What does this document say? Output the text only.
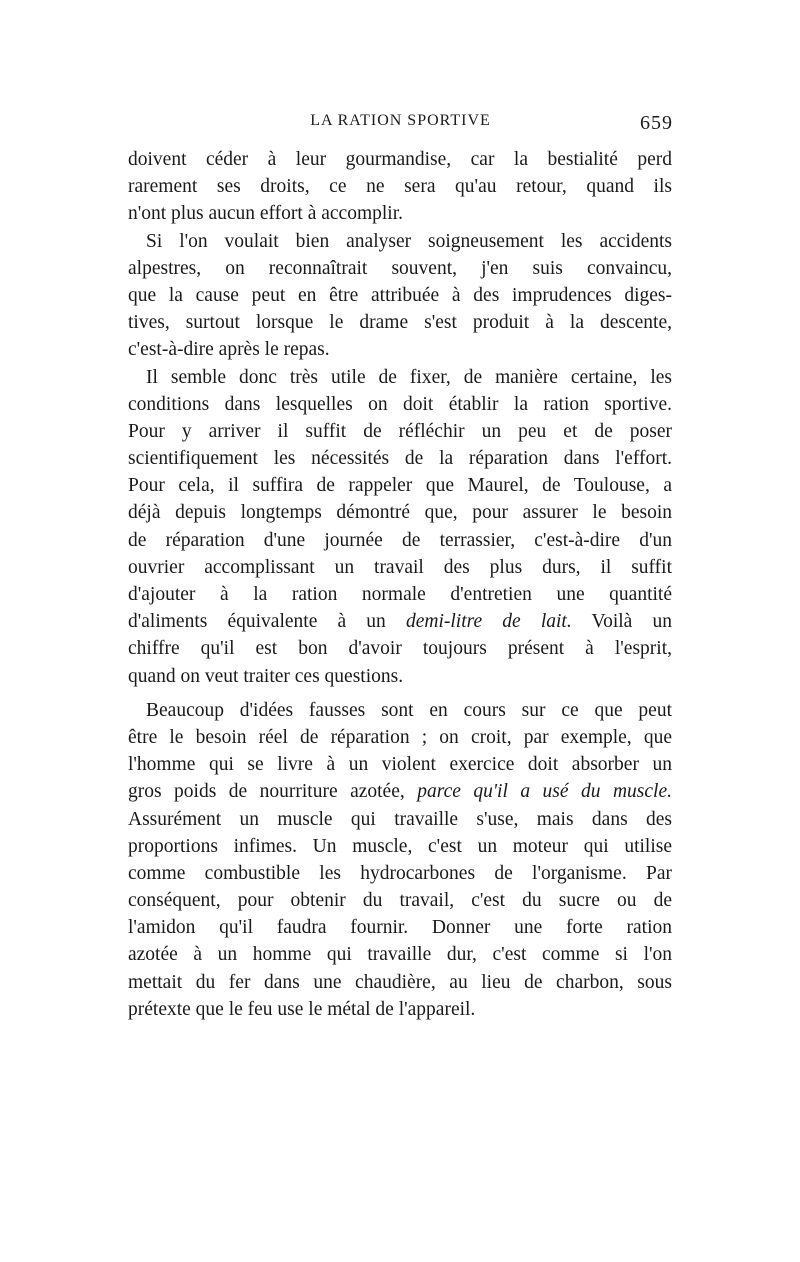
LA RATION SPORTIVE	659

doivent céder à leur gourmandise, car la bestialité perd
rarement ses droits, ce ne sera qu'au retour, quand ils
n'ont plus aucun effort à accomplir.

Si l'on voulait bien analyser soigneusement les accidents
alpestres, on reconnaîtrait souvent, j'en suis convaincu,
que la cause peut en être attribuée à des imprudences diges-
tives, surtout lorsque le drame s'est produit à la descente,
c'est-à-dire après le repas.

Il semble donc très utile de fixer, de manière certaine, les
conditions dans lesquelles on doit établir la ration sportive.
Pour y arriver il suffit de réfléchir un peu et de poser
scientifiquement les nécessités de la réparation dans l'effort.
Pour cela, il suffira de rappeler que Maurel, de Toulouse, a
déjà depuis longtemps démontré que, pour assurer le besoin
de réparation d'une journée de terrassier, c'est-à-dire d'un
ouvrier accomplissant un travail des plus durs, il suffit
d'ajouter à la ration normale d'entretien une quantité
d'aliments équivalente à un demi-litre de lait. Voilà un
chiffre qu'il est bon d'avoir toujours présent à l'esprit,
quand on veut traiter ces questions.

Beaucoup d'idées fausses sont en cours sur ce que peut
être le besoin réel de réparation ; on croit, par exemple, que
l'homme qui se livre à un violent exercice doit absorber un
gros poids de nourriture azotée, parce qu'il a usé du muscle.
Assurément un muscle qui travaille s'use, mais dans des
proportions infimes. Un muscle, c'est un moteur qui utilise
comme combustible les hydrocarbones de l'organisme. Par
conséquent, pour obtenir du travail, c'est du sucre ou de
l'amidon qu'il faudra fournir. Donner une forte ration
azotée à un homme qui travaille dur, c'est comme si l'on
mettait du fer dans une chaudière, au lieu de charbon, sous
prétexte que le feu use le métal de l'appareil.
